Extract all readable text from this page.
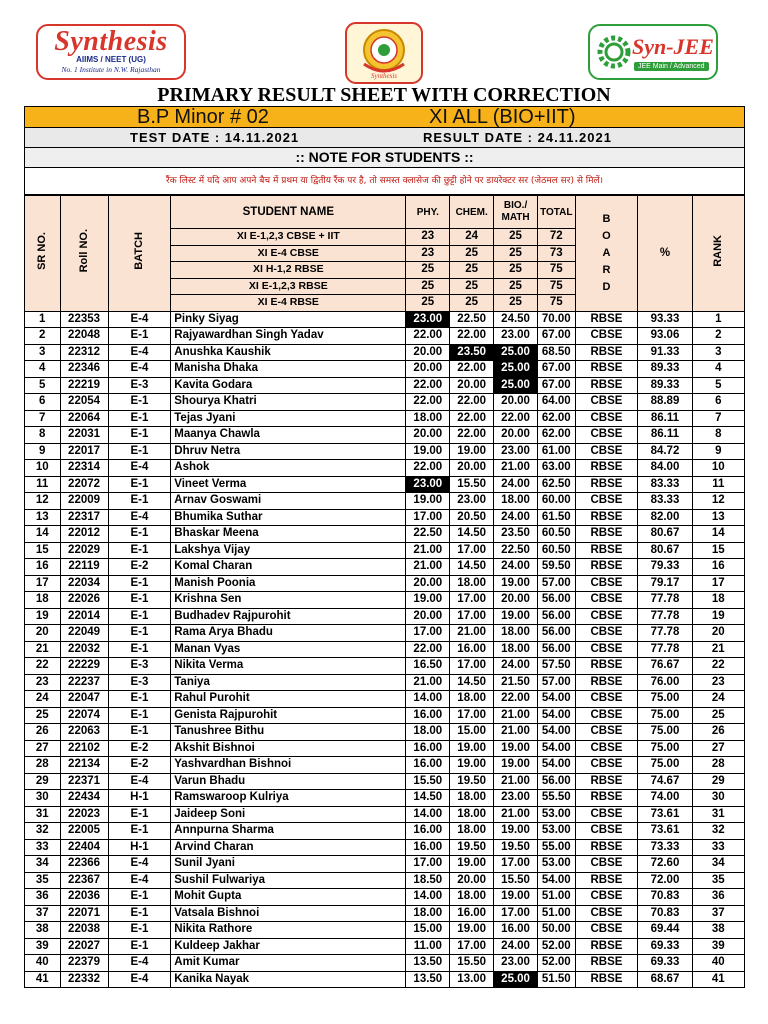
Synthesis
AIIMS / NEET (UG)
No. 1 Institute in N.W. Rajasthan
Synthesis
Syn-JEE
JEE Main / Advanced
PRIMARY RESULT SHEET WITH CORRECTION
B.P Minor # 02	XI ALL (BIO+IIT)
TEST DATE : 14.11.2021	RESULT DATE : 24.11.2021
:: NOTE FOR STUDENTS ::
रैंक लिस्ट में यदि आप अपने बैच में प्रथम या द्वितीय रैंक पर है, तो समस्त क्लासेज की छुट्टी होने पर डायरेक्टर सर (जेठमल सर) से मिलें।
SR NO.	Roll NO.	BATCH	STUDENT NAME	PHY.	CHEM.	BIO./ MATH	TOTAL	B
O
A
R
D	%	RANK
			XI E-1,2,3 CBSE + IIT	23	24	25	72			
			XI E-4 CBSE	23	25	25	73			
			XI H-1,2 RBSE	25	25	25	75			
			XI E-1,2,3 RBSE	25	25	25	75			
			XI E-4 RBSE	25	25	25	75			
1	22353	E-4	Pinky Siyag	23.00	22.50	24.50	70.00	RBSE	93.33	1
2	22048	E-1	Rajyawardhan Singh Yadav	22.00	22.00	23.00	67.00	CBSE	93.06	2
3	22312	E-4	Anushka Kaushik	20.00	23.50	25.00	68.50	RBSE	91.33	3
4	22346	E-4	Manisha Dhaka	20.00	22.00	25.00	67.00	RBSE	89.33	4
5	22219	E-3	Kavita Godara	22.00	20.00	25.00	67.00	RBSE	89.33	5
6	22054	E-1	Shourya Khatri	22.00	22.00	20.00	64.00	CBSE	88.89	6
7	22064	E-1	Tejas Jyani	18.00	22.00	22.00	62.00	CBSE	86.11	7
8	22031	E-1	Maanya Chawla	20.00	22.00	20.00	62.00	CBSE	86.11	8
9	22017	E-1	Dhruv Netra	19.00	19.00	23.00	61.00	CBSE	84.72	9
10	22314	E-4	Ashok	22.00	20.00	21.00	63.00	RBSE	84.00	10
11	22072	E-1	Vineet Verma	23.00	15.50	24.00	62.50	RBSE	83.33	11
12	22009	E-1	Arnav Goswami	19.00	23.00	18.00	60.00	CBSE	83.33	12
13	22317	E-4	Bhumika Suthar	17.00	20.50	24.00	61.50	RBSE	82.00	13
14	22012	E-1	Bhaskar Meena	22.50	14.50	23.50	60.50	RBSE	80.67	14
15	22029	E-1	Lakshya Vijay	21.00	17.00	22.50	60.50	RBSE	80.67	15
16	22119	E-2	Komal Charan	21.00	14.50	24.00	59.50	RBSE	79.33	16
17	22034	E-1	Manish Poonia	20.00	18.00	19.00	57.00	CBSE	79.17	17
18	22026	E-1	Krishna Sen	19.00	17.00	20.00	56.00	CBSE	77.78	18
19	22014	E-1	Budhadev Rajpurohit	20.00	17.00	19.00	56.00	CBSE	77.78	19
20	22049	E-1	Rama Arya Bhadu	17.00	21.00	18.00	56.00	CBSE	77.78	20
21	22032	E-1	Manan Vyas	22.00	16.00	18.00	56.00	CBSE	77.78	21
22	22229	E-3	Nikita Verma	16.50	17.00	24.00	57.50	RBSE	76.67	22
23	22237	E-3	Taniya	21.00	14.50	21.50	57.00	RBSE	76.00	23
24	22047	E-1	Rahul Purohit	14.00	18.00	22.00	54.00	CBSE	75.00	24
25	22074	E-1	Genista Rajpurohit	16.00	17.00	21.00	54.00	CBSE	75.00	25
26	22063	E-1	Tanushree Bithu	18.00	15.00	21.00	54.00	CBSE	75.00	26
27	22102	E-2	Akshit Bishnoi	16.00	19.00	19.00	54.00	CBSE	75.00	27
28	22134	E-2	Yashvardhan Bishnoi	16.00	19.00	19.00	54.00	CBSE	75.00	28
29	22371	E-4	Varun Bhadu	15.50	19.50	21.00	56.00	RBSE	74.67	29
30	22434	H-1	Ramswaroop Kulriya	14.50	18.00	23.00	55.50	RBSE	74.00	30
31	22023	E-1	Jaideep Soni	14.00	18.00	21.00	53.00	CBSE	73.61	31
32	22005	E-1	Annpurna Sharma	16.00	18.00	19.00	53.00	CBSE	73.61	32
33	22404	H-1	Arvind Charan	16.00	19.50	19.50	55.00	RBSE	73.33	33
34	22366	E-4	Sunil Jyani	17.00	19.00	17.00	53.00	CBSE	72.60	34
35	22367	E-4	Sushil Fulwariya	18.50	20.00	15.50	54.00	RBSE	72.00	35
36	22036	E-1	Mohit Gupta	14.00	18.00	19.00	51.00	CBSE	70.83	36
37	22071	E-1	Vatsala Bishnoi	18.00	16.00	17.00	51.00	CBSE	70.83	37
38	22038	E-1	Nikita Rathore	15.00	19.00	16.00	50.00	CBSE	69.44	38
39	22027	E-1	Kuldeep Jakhar	11.00	17.00	24.00	52.00	RBSE	69.33	39
40	22379	E-4	Amit Kumar	13.50	15.50	23.00	52.00	RBSE	69.33	40
41	22332	E-4	Kanika Nayak	13.50	13.00	25.00	51.50	RBSE	68.67	41
